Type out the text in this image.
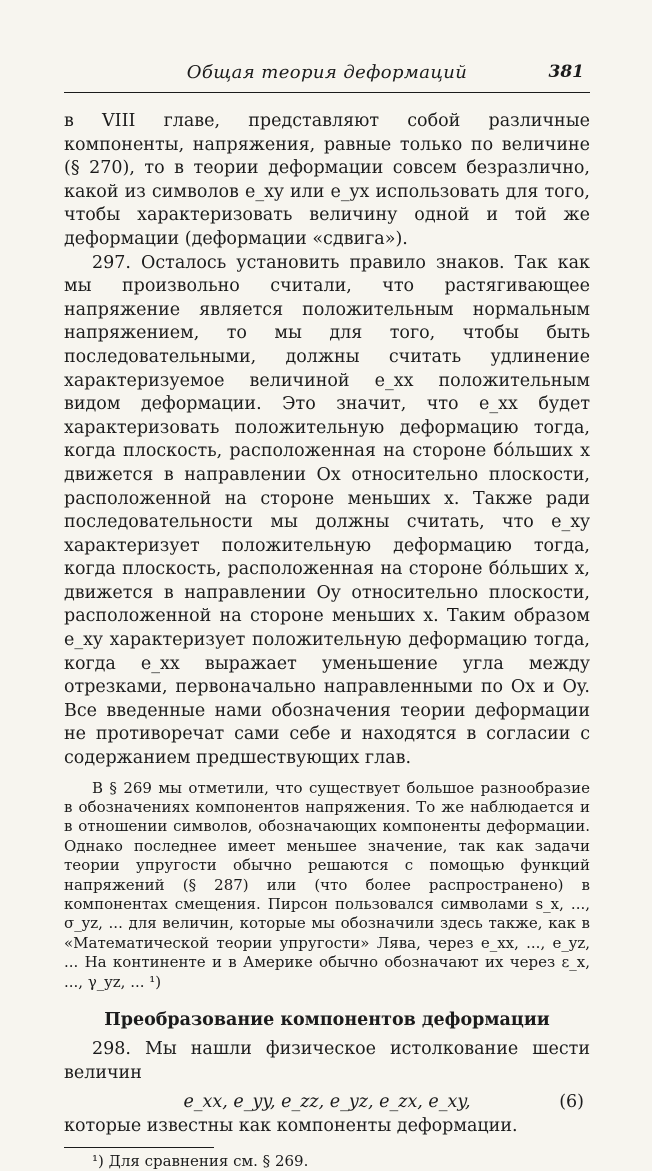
Общая теория деформаций	381

в VIII главе, представляют собой различные компоненты, напряжения, равные только по величине (§ 270), то в теории деформации совсем безразлично, какой из символов e_xy или e_yx использовать для того, чтобы характеризовать величину одной и той же деформации (деформации «сдвига»).

297. Осталось установить правило знаков. Так как мы произвольно считали, что растягивающее напряжение является положительным нормальным напряжением, то мы для того, чтобы быть последовательными, должны считать удлинение характеризуемое величиной e_xx положительным видом деформации. Это значит, что e_xx будет характеризовать положительную деформацию тогда, когда плоскость, расположенная на стороне бо́льших x движется в направлении Ox относительно плоскости, расположенной на стороне меньших x. Также ради последовательности мы должны считать, что e_xy характеризует положительную деформацию тогда, когда плоскость, расположенная на стороне бо́льших x, движется в направлении Oy относительно плоскости, расположенной на стороне меньших x. Таким образом e_xy характеризует положительную деформацию тогда, когда e_xx выражает уменьшение угла между отрезками, первоначально направленными по Ox и Oy. Все введенные нами обозначения теории деформации не противоречат сами себе и находятся в согласии с содержанием предшествующих глав.

В § 269 мы отметили, что существует большое разнообразие в обозначениях компонентов напряжения. То же наблюдается и в отношении символов, обозначающих компоненты деформации. Однако последнее имеет меньшее значение, так как задачи теории упругости обычно решаются с помощью функций напряжений (§ 287) или (что более распространено) в компонентах смещения. Пирсон пользовался символами s_x, ..., σ_yz, ... для величин, которые мы обозначили здесь также, как в «Математической теории упругости» Лява, через e_xx, ..., e_yz, ... На континенте и в Америке обычно обозначают их через ε_x, ..., γ_yz, ... ¹)

Преобразование компонентов деформации

298. Мы нашли физическое истолкование шести величин

e_xx, e_yy, e_zz, e_yz, e_zx, e_xy,	(6)

которые известны как компоненты деформации.

¹) Для сравнения см. § 269.
